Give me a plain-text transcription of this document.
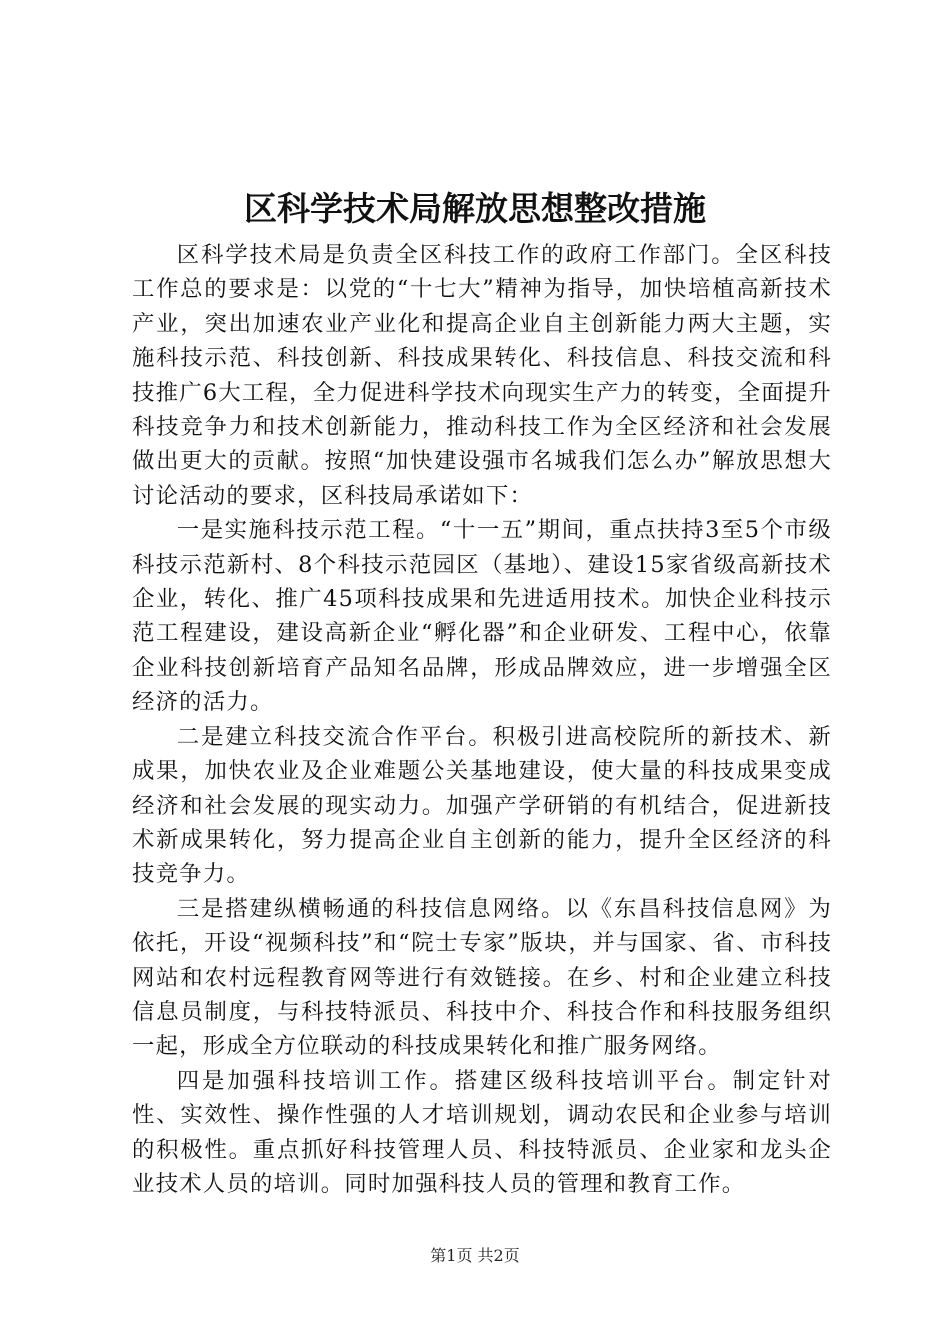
区科学技术局解放思想整改措施

区科学技术局是负责全区科技工作的政府工作部门。全区科技工作总的要求是：以党的“十七大”精神为指导，加快培植高新技术产业，突出加速农业产业化和提高企业自主创新能力两大主题，实施科技示范、科技创新、科技成果转化、科技信息、科技交流和科技推广6大工程，全力促进科学技术向现实生产力的转变，全面提升科技竞争力和技术创新能力，推动科技工作为全区经济和社会发展做出更大的贡献。按照“加快建设强市名城我们怎么办”解放思想大讨论活动的要求，区科技局承诺如下：

一是实施科技示范工程。“十一五”期间，重点扶持3至5个市级科技示范新村、8个科技示范园区（基地）、建设15家省级高新技术企业，转化、推广45项科技成果和先进适用技术。加快企业科技示范工程建设，建设高新企业“孵化器”和企业研发、工程中心，依靠企业科技创新培育产品知名品牌，形成品牌效应，进一步增强全区经济的活力。

二是建立科技交流合作平台。积极引进高校院所的新技术、新成果，加快农业及企业难题公关基地建设，使大量的科技成果变成经济和社会发展的现实动力。加强产学研销的有机结合，促进新技术新成果转化，努力提高企业自主创新的能力，提升全区经济的科技竞争力。

三是搭建纵横畅通的科技信息网络。以《东昌科技信息网》为依托，开设“视频科技”和“院士专家”版块，并与国家、省、市科技网站和农村远程教育网等进行有效链接。在乡、村和企业建立科技信息员制度，与科技特派员、科技中介、科技合作和科技服务组织一起，形成全方位联动的科技成果转化和推广服务网络。

四是加强科技培训工作。搭建区级科技培训平台。制定针对性、实效性、操作性强的人才培训规划，调动农民和企业参与培训的积极性。重点抓好科技管理人员、科技特派员、企业家和龙头企业技术人员的培训。同时加强科技人员的管理和教育工作。

第1页 共2页
